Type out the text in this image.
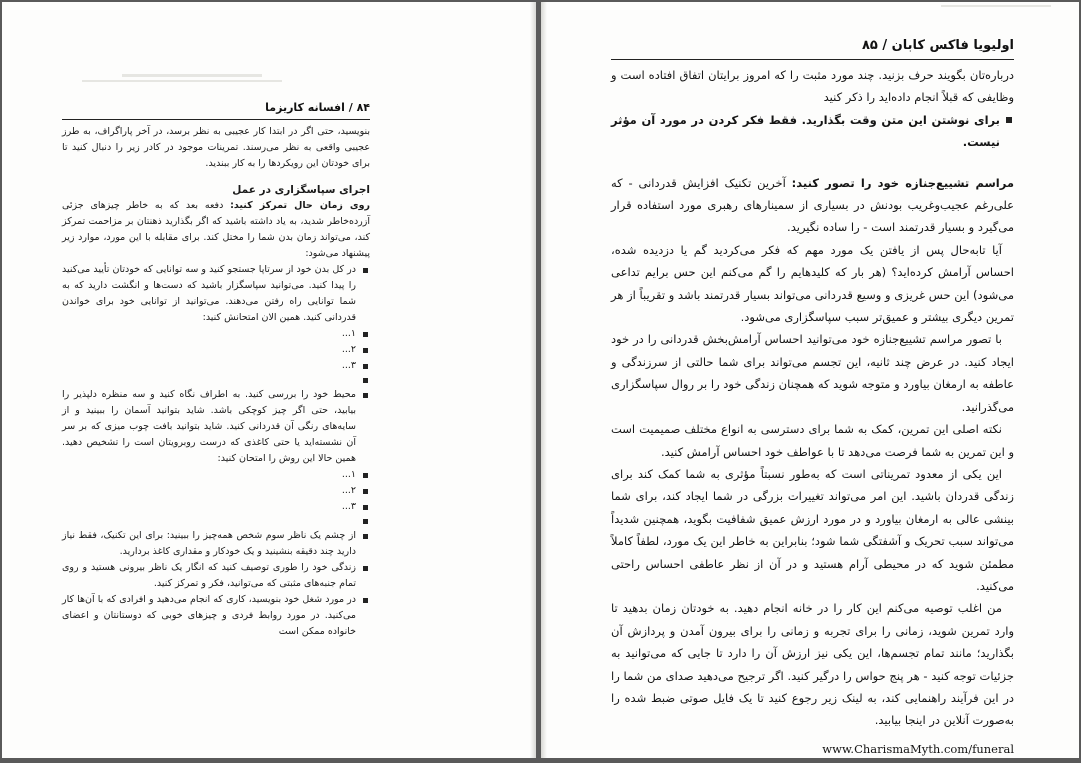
۸۴ / افسانه کاریزما

بنویسید، حتی اگر در ابتدا کار عجیبی به نظر برسد، در آخر پاراگراف، به طرز عجیبی واقعی به نظر می‌رسند. تمرینات موجود در کادر زیر را دنبال کنید تا برای خودتان این رویکردها را به کار ببندید.

اجرای سپاسگزاری در عمل

روی زمان حال تمرکز کنید: دفعه بعد که به خاطر چیزهای جزئی آزرده‌خاطر شدید، به یاد داشته باشید که اگر بگذارید ذهنتان بر مزاحمت تمرکز کند، می‌تواند زمان بدن شما را مختل کند. برای مقابله با این مورد، موارد زیر پیشنهاد می‌شود:

در کل بدن خود از سرتاپا جستجو کنید و سه توانایی که خودتان تأیید می‌کنید را پیدا کنید. می‌توانید سپاسگزار باشید که دست‌ها و انگشت دارید که به شما توانایی راه رفتن می‌دهند. می‌توانید از توانایی خود برای خواندن قدردانی کنید. همین الان امتحانش کنید:

۱...
۲...
۳...

محیط خود را بررسی کنید. به اطراف نگاه کنید و سه منظره دلپذیر را بیابید، حتی اگر چیز کوچکی باشد. شاید بتوانید آسمان را ببینید و از سایه‌های رنگی آن قدردانی کنید. شاید بتوانید بافت چوب میزی که بر سر آن نشسته‌اید یا حتی کاغذی که درست روبرویتان است را تشخیص دهید. همین حالا این روش را امتحان کنید:

۱...
۲...
۳...

از چشم یک ناظر سوم شخص همه‌چیز را ببینید: برای این تکنیک، فقط نیاز دارید چند دقیقه بنشینید و یک خودکار و مقداری کاغذ بردارید.

زندگی خود را طوری توصیف کنید که انگار یک ناظر بیرونی هستید و روی تمام جنبه‌های مثبتی که می‌توانید، فکر و تمرکز کنید.

در مورد شغل خود بنویسید، کاری که انجام می‌دهید و افرادی که با آن‌ها کار می‌کنید. در مورد روابط فردی و چیزهای خوبی که دوستانتان و اعضای خانواده ممکن است

اولیویا فاکس کابان / ۸۵

درباره‌تان بگویند حرف بزنید. چند مورد مثبت را که امروز برایتان اتفاق افتاده است و وظایفی که قبلاً انجام داده‌اید را ذکر کنید

برای نوشتن این متن وقت بگذارید. فقط فکر کردن در مورد آن مؤثر نیست.

مراسم تشییع‌جنازه خود را تصور کنید: آخرین تکنیک افزایش قدردانی - که علی‌رغم عجیب‌وغریب بودنش در بسیاری از سمینارهای رهبری مورد استفاده قرار می‌گیرد و بسیار قدرتمند است - را ساده نگیرید.

آیا تابه‌حال پس از یافتن یک مورد مهم که فکر می‌کردید گم یا دزدیده شده، احساس آرامش کرده‌اید؟ (هر بار که کلیدهایم را گم می‌کنم این حس برایم تداعی می‌شود) این حس غریزی و وسیع قدردانی می‌تواند بسیار قدرتمند باشد و تقریباً از هر تمرین دیگری بیشتر و عمیق‌تر سبب سپاسگزاری می‌شود.

با تصور مراسم تشییع‌جنازه خود می‌توانید احساس آرامش‌بخش قدردانی را در خود ایجاد کنید. در عرض چند ثانیه، این تجسم می‌تواند برای شما حالتی از سرزندگی و عاطفه به ارمغان بیاورد و متوجه شوید که همچنان زندگی خود را بر روال سپاسگزاری می‌گذرانید.

نکته اصلی این تمرین، کمک به شما برای دسترسی به انواع مختلف صمیمیت است و این تمرین به شما فرصت می‌دهد تا با عواطف خود احساس آرامش کنید.

این یکی از معدود تمریناتی است که به‌طور نسبتاً مؤثری به شما کمک کند برای زندگی قدردان باشید. این امر می‌تواند تغییرات بزرگی در شما ایجاد کند، برای شما بینشی عالی به ارمغان بیاورد و در مورد ارزش عمیق شفافیت بگوید، همچنین شدیداً می‌تواند سبب تحریک و آشفتگی شما شود؛ بنابراین به خاطر این یک مورد، لطفاً کاملاً مطمئن شوید که در محیطی آرام هستید و در آن از نظر عاطفی احساس راحتی می‌کنید.

من اغلب توصیه می‌کنم این کار را در خانه انجام دهید. به خودتان زمان بدهید تا وارد تمرین شوید، زمانی را برای تجربه و زمانی را برای بیرون آمدن و پردازش آن بگذارید؛ مانند تمام تجسم‌ها، این یکی نیز ارزش آن را دارد تا جایی که می‌توانید به جزئیات توجه کنید - هر پنج حواس را درگیر کنید. اگر ترجیح می‌دهید صدای من شما را در این فرآیند راهنمایی کند، به لینک زیر رجوع کنید تا یک فایل صوتی ضبط شده را به‌صورت آنلاین در اینجا بیابید.

www.CharismaMyth.com/funeral
